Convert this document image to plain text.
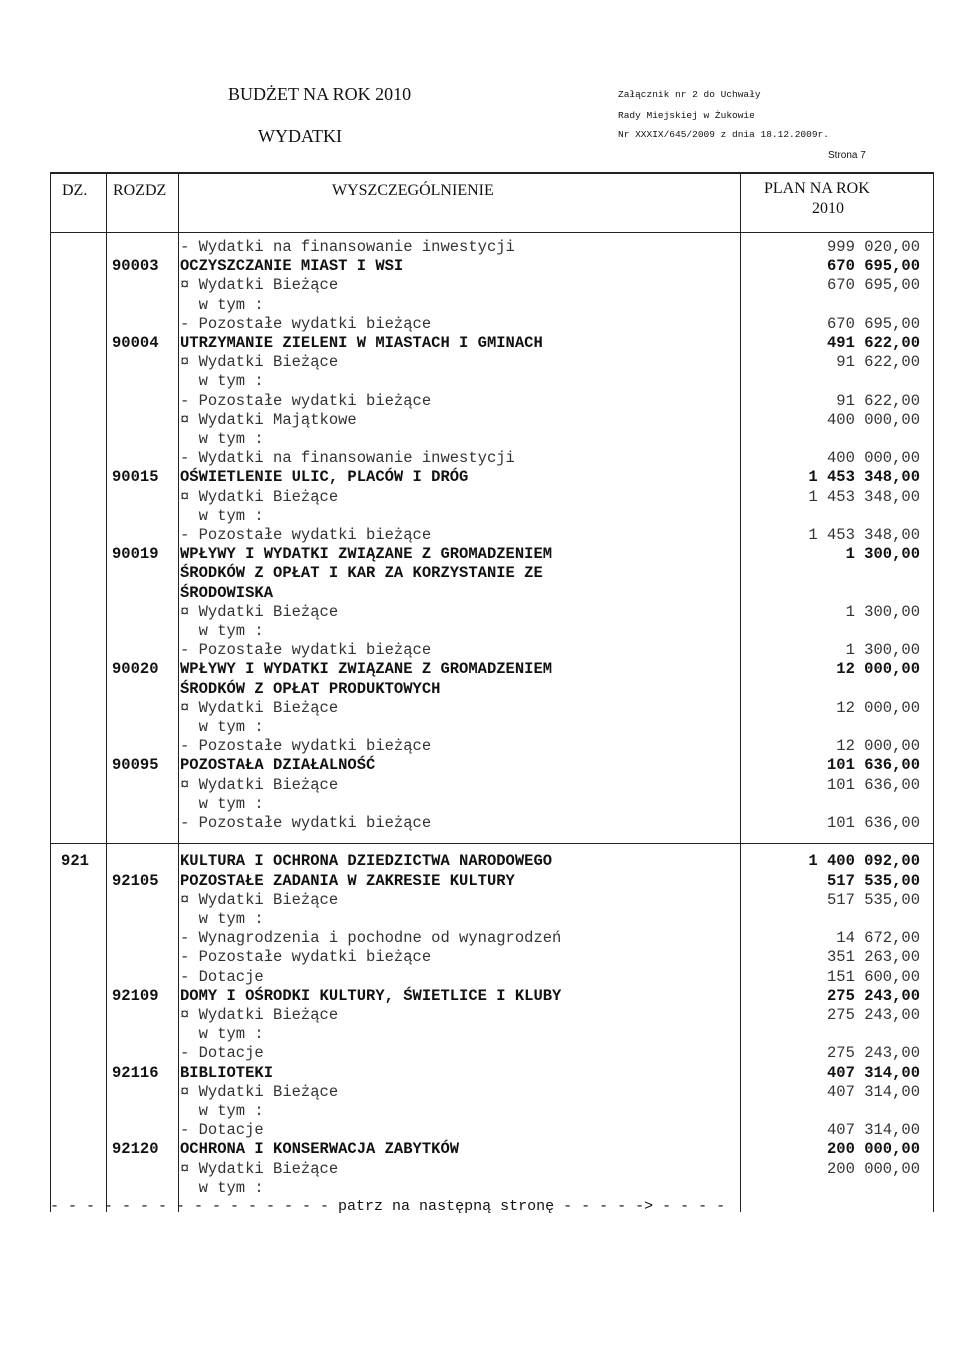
BUDŻET NA ROK 2010
WYDATKI
Załącznik nr 2 do Uchwały
Rady Miejskiej w Żukowie
Nr XXXIX/645/2009 z dnia 18.12.2009r.
Strona 7
DZ. ROZDZ	WYSZCZEGÓLNIENIE	PLAN NA ROK
2010
- Wydatki na finansowanie inwestycji	999 020,00
90003 OCZYSZCZANIE MIAST I WSI	670 695,00
¤ Wydatki Bieżące	670 695,00
w tym :
- Pozostałe wydatki bieżące	670 695,00
90004 UTRZYMANIE ZIELENI W MIASTACH I GMINACH	491 622,00
¤ Wydatki Bieżące	91 622,00
w tym :
- Pozostałe wydatki bieżące	91 622,00
¤ Wydatki Majątkowe	400 000,00
w tym :
- Wydatki na finansowanie inwestycji	400 000,00
90015 OŚWIETLENIE ULIC, PLACÓW I DRÓG	1 453 348,00
¤ Wydatki Bieżące	1 453 348,00
w tym :
- Pozostałe wydatki bieżące	1 453 348,00
90019 WPŁYWY I WYDATKI ZWIĄZANE Z GROMADZENIEM	1 300,00
ŚRODKÓW Z OPŁAT I KAR ZA KORZYSTANIE ZE
ŚRODOWISKA
¤ Wydatki Bieżące	1 300,00
w tym :
- Pozostałe wydatki bieżące	1 300,00
90020 WPŁYWY I WYDATKI ZWIĄZANE Z GROMADZENIEM	12 000,00
ŚRODKÓW Z OPŁAT PRODUKTOWYCH
¤ Wydatki Bieżące	12 000,00
w tym :
- Pozostałe wydatki bieżące	12 000,00
90095 POZOSTAŁA DZIAŁALNOŚĆ	101 636,00
¤ Wydatki Bieżące	101 636,00
w tym :
- Pozostałe wydatki bieżące	101 636,00
921	KULTURA I OCHRONA DZIEDZICTWA NARODOWEGO	1 400 092,00
92105 POZOSTAŁE ZADANIA W ZAKRESIE KULTURY	517 535,00
¤ Wydatki Bieżące	517 535,00
w tym :
- Wynagrodzenia i pochodne od wynagrodzeń	14 672,00
- Pozostałe wydatki bieżące	351 263,00
- Dotacje	151 600,00
92109 DOMY I OŚRODKI KULTURY, ŚWIETLICE I KLUBY	275 243,00
¤ Wydatki Bieżące	275 243,00
w tym :
- Dotacje	275 243,00
92116 BIBLIOTEKI	407 314,00
¤ Wydatki Bieżące	407 314,00
w tym :
- Dotacje	407 314,00
92120 OCHRONA I KONSERWACJA ZABYTKÓW	200 000,00
¤ Wydatki Bieżące	200 000,00
w tym :
- - - - - - - - - - - - - - - - patrz na następną stronę - - - - -> - - - -
